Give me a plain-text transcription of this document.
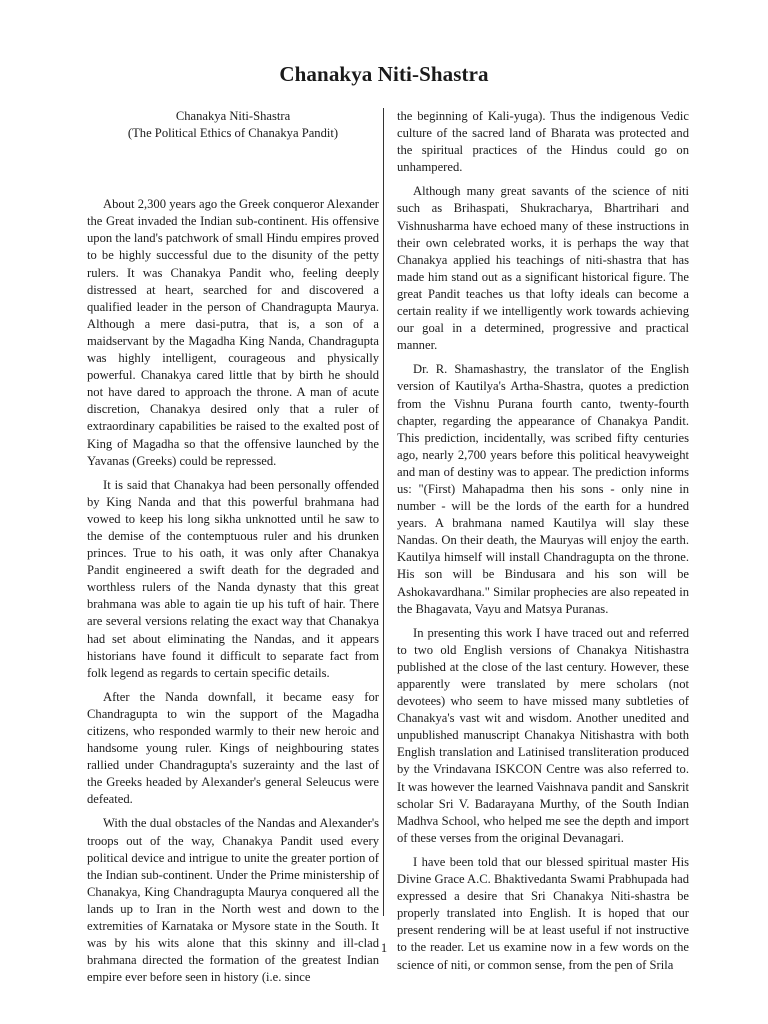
Chanakya Niti-Shastra
Chanakya Niti-Shastra
(The Political Ethics of Chanakya Pandit)

About 2,300 years ago the Greek conqueror Alexander the Great invaded the Indian sub-continent. His offensive upon the land's patchwork of small Hindu empires proved to be highly successful due to the disunity of the petty rulers. It was Chanakya Pandit who, feeling deeply distressed at heart, searched for and discovered a qualified leader in the person of Chandragupta Maurya. Although a mere dasi-putra, that is, a son of a maidservant by the Magadha King Nanda, Chandragupta was highly intelligent, courageous and physically powerful. Chanakya cared little that by birth he should not have dared to approach the throne. A man of acute discretion, Chanakya desired only that a ruler of extraordinary capabilities be raised to the exalted post of King of Magadha so that the offensive launched by the Yavanas (Greeks) could be repressed.

It is said that Chanakya had been personally offended by King Nanda and that this powerful brahmana had vowed to keep his long sikha unknotted until he saw to the demise of the contemptuous ruler and his drunken princes. True to his oath, it was only after Chanakya Pandit engineered a swift death for the degraded and worthless rulers of the Nanda dynasty that this great brahmana was able to again tie up his tuft of hair. There are several versions relating the exact way that Chanakya had set about eliminating the Nandas, and it appears historians have found it difficult to separate fact from folk legend as regards to certain specific details.

After the Nanda downfall, it became easy for Chandragupta to win the support of the Magadha citizens, who responded warmly to their new heroic and handsome young ruler. Kings of neighbouring states rallied under Chandragupta's suzerainty and the last of the Greeks headed by Alexander's general Seleucus were defeated.

With the dual obstacles of the Nandas and Alexander's troops out of the way, Chanakya Pandit used every political device and intrigue to unite the greater portion of the Indian sub-continent. Under the Prime ministership of Chanakya, King Chandragupta Maurya conquered all the lands up to Iran in the North west and down to the extremities of Karnataka or Mysore state in the South. It was by his wits alone that this skinny and ill-clad brahmana directed the formation of the greatest Indian empire ever before seen in history (i.e. since

the beginning of Kali-yuga). Thus the indigenous Vedic culture of the sacred land of Bharata was protected and the spiritual practices of the Hindus could go on unhampered.

Although many great savants of the science of niti such as Brihaspati, Shukracharya, Bhartrihari and Vishnusharma have echoed many of these instructions in their own celebrated works, it is perhaps the way that Chanakya applied his teachings of niti-shastra that has made him stand out as a significant historical figure. The great Pandit teaches us that lofty ideals can become a certain reality if we intelligently work towards achieving our goal in a determined, progressive and practical manner.

Dr. R. Shamashastry, the translator of the English version of Kautilya's Artha-Shastra, quotes a prediction from the Vishnu Purana fourth canto, twenty-fourth chapter, regarding the appearance of Chanakya Pandit. This prediction, incidentally, was scribed fifty centuries ago, nearly 2,700 years before this political heavyweight and man of destiny was to appear. The prediction informs us: "(First) Mahapadma then his sons - only nine in number - will be the lords of the earth for a hundred years. A brahmana named Kautilya will slay these Nandas. On their death, the Mauryas will enjoy the earth. Kautilya himself will install Chandragupta on the throne. His son will be Bindusara and his son will be Ashokavardhana." Similar prophecies are also repeated in the Bhagavata, Vayu and Matsya Puranas.

In presenting this work I have traced out and referred to two old English versions of Chanakya Nitishastra published at the close of the last century. However, these apparently were translated by mere scholars (not devotees) who seem to have missed many subtleties of Chanakya's vast wit and wisdom. Another unedited and unpublished manuscript Chanakya Nitishastra with both English translation and Latinised transliteration produced by the Vrindavana ISKCON Centre was also referred to. It was however the learned Vaishnava pandit and Sanskrit scholar Sri V. Badarayana Murthy, of the South Indian Madhva School, who helped me see the depth and import of these verses from the original Devanagari.

I have been told that our blessed spiritual master His Divine Grace A.C. Bhaktivedanta Swami Prabhupada had expressed a desire that Sri Chanakya Niti-shastra be properly translated into English. It is hoped that our present rendering will be at least useful if not instructive to the reader. Let us examine now in a few words on the science of niti, or common sense, from the pen of Srila

1
